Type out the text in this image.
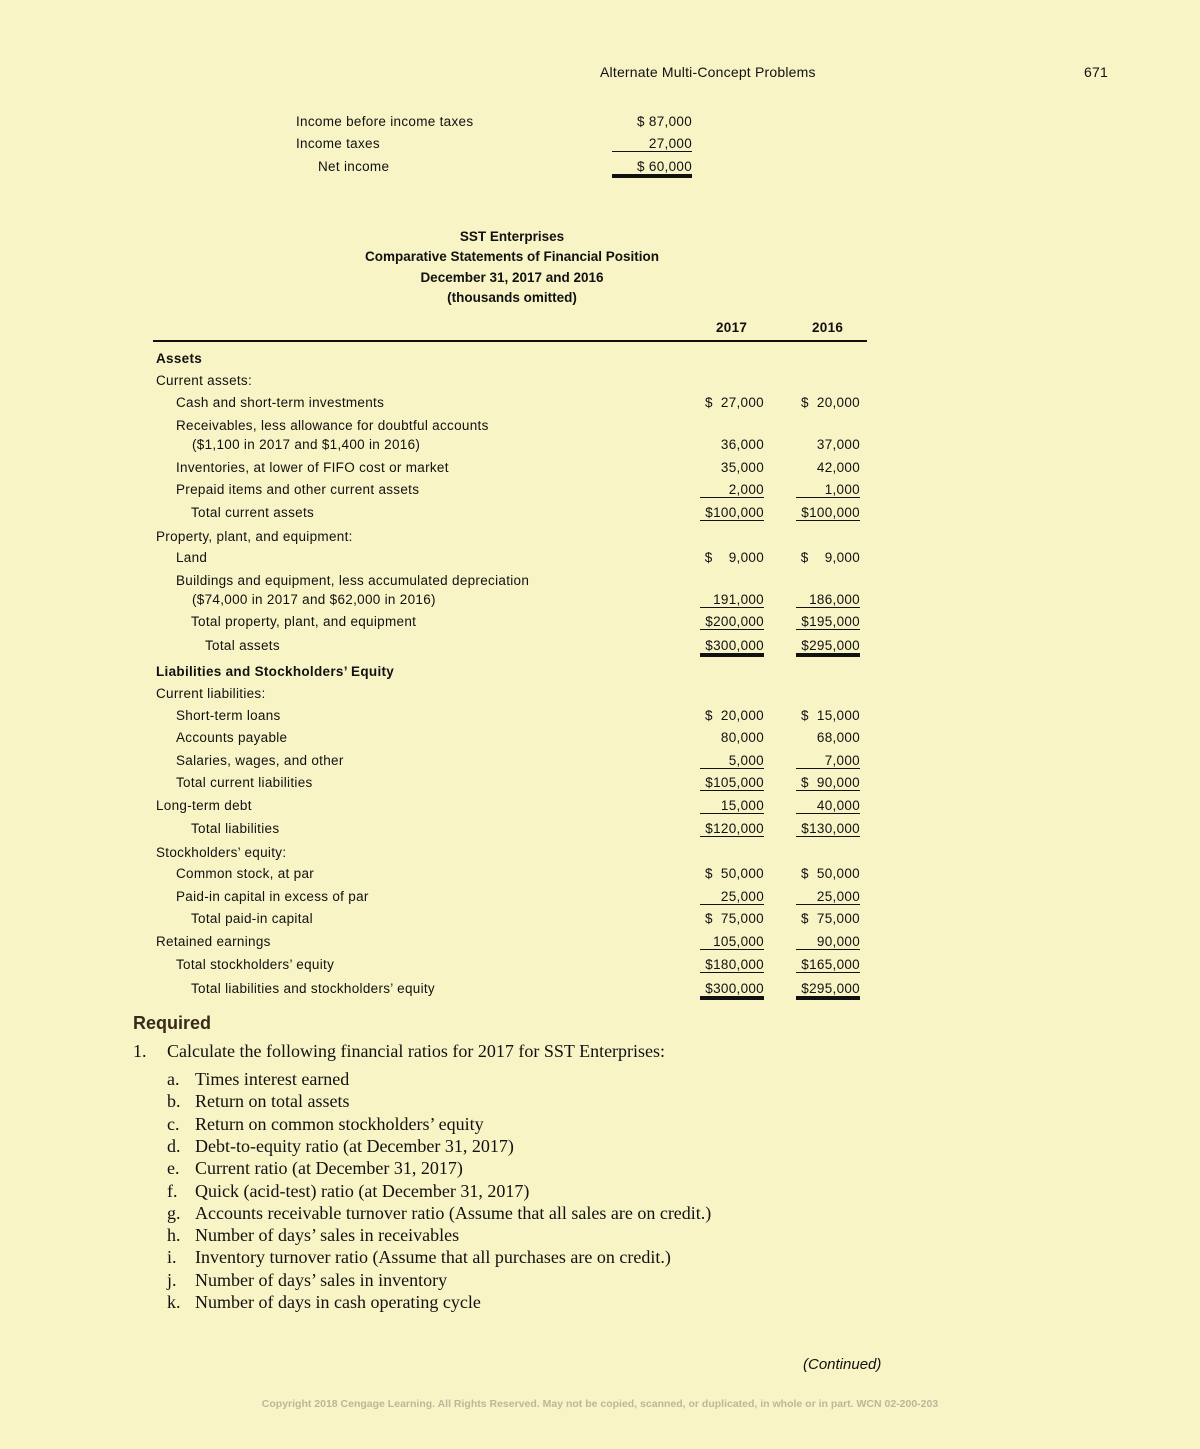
Alternate Multi-Concept Problems	671
Income before income taxes	$ 87,000
Income taxes	27,000
Net income	$ 60,000
SST Enterprises
Comparative Statements of Financial Position
December 31, 2017 and 2016
(thousands omitted)
2017	2016
Assets
Current assets:
Cash and short-term investments	$  27,000	$  20,000
Receivables, less allowance for doubtful accounts
($1,100 in 2017 and $1,400 in 2016)	36,000	37,000
Inventories, at lower of FIFO cost or market	35,000	42,000
Prepaid items and other current assets	2,000	1,000
Total current assets	$100,000	$100,000
Property, plant, and equipment:
Land	$    9,000	$    9,000
Buildings and equipment, less accumulated depreciation
($74,000 in 2017 and $62,000 in 2016)	191,000	186,000
Total property, plant, and equipment	$200,000	$195,000
Total assets	$300,000	$295,000
Liabilities and Stockholders’ Equity
Current liabilities:
Short-term loans	$  20,000	$  15,000
Accounts payable	80,000	68,000
Salaries, wages, and other	5,000	7,000
Total current liabilities	$105,000	$  90,000
Long-term debt	15,000	40,000
Total liabilities	$120,000	$130,000
Stockholders’ equity:
Common stock, at par	$  50,000	$  50,000
Paid-in capital in excess of par	25,000	25,000
Total paid-in capital	$  75,000	$  75,000
Retained earnings	105,000	90,000
Total stockholders’ equity	$180,000	$165,000
Total liabilities and stockholders’ equity	$300,000	$295,000
Required
1. Calculate the following financial ratios for 2017 for SST Enterprises:
a. Times interest earned
b. Return on total assets
c. Return on common stockholders’ equity
d. Debt-to-equity ratio (at December 31, 2017)
e. Current ratio (at December 31, 2017)
f. Quick (acid-test) ratio (at December 31, 2017)
g. Accounts receivable turnover ratio (Assume that all sales are on credit.)
h. Number of days’ sales in receivables
i. Inventory turnover ratio (Assume that all purchases are on credit.)
j. Number of days’ sales in inventory
k. Number of days in cash operating cycle
(Continued)
Copyright 2018 Cengage Learning. All Rights Reserved. May not be copied, scanned, or duplicated, in whole or in part. WCN 02-200-203
